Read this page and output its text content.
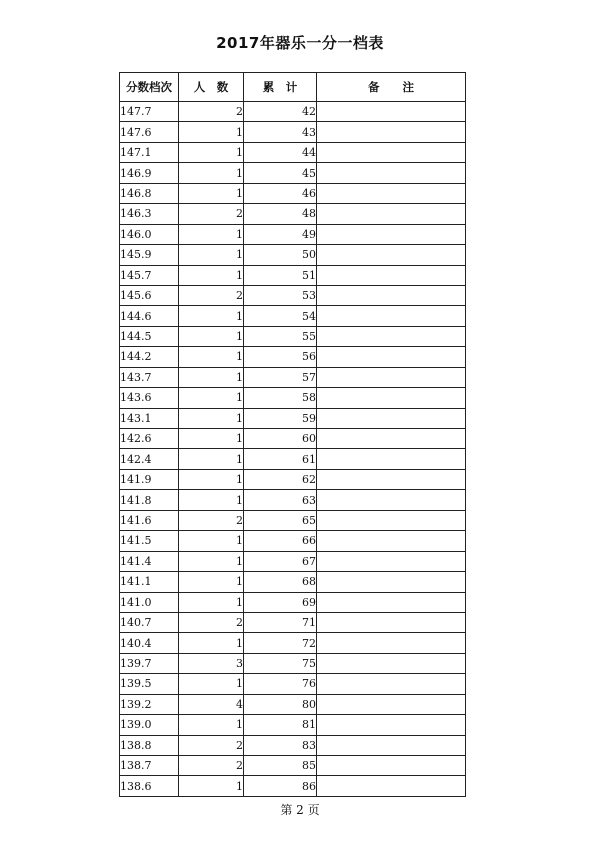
2017年器乐一分一档表
分数档次	人　数	累　计	备　　注
147.7	2	42	
147.6	1	43	
147.1	1	44	
146.9	1	45	
146.8	1	46	
146.3	2	48	
146.0	1	49	
145.9	1	50	
145.7	1	51	
145.6	2	53	
144.6	1	54	
144.5	1	55	
144.2	1	56	
143.7	1	57	
143.6	1	58	
143.1	1	59	
142.6	1	60	
142.4	1	61	
141.9	1	62	
141.8	1	63	
141.6	2	65	
141.5	1	66	
141.4	1	67	
141.1	1	68	
141.0	1	69	
140.7	2	71	
140.4	1	72	
139.7	3	75	
139.5	1	76	
139.2	4	80	
139.0	1	81	
138.8	2	83	
138.7	2	85	
138.6	1	86	
第 2 页
